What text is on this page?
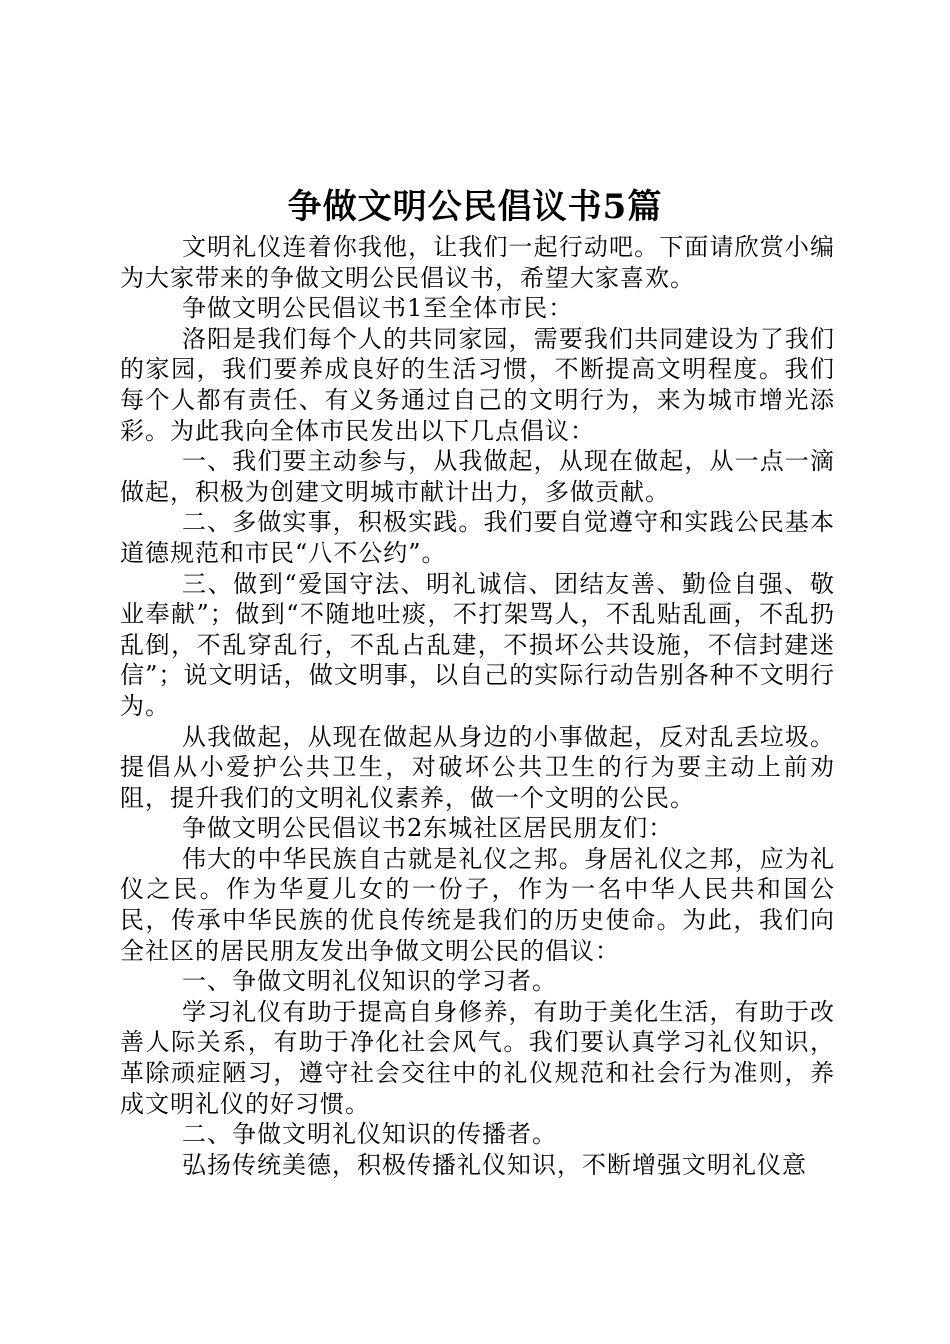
争做文明公民倡议书5篇

文明礼仪连着你我他，让我们一起行动吧。下面请欣赏小编为大家带来的争做文明公民倡议书，希望大家喜欢。

争做文明公民倡议书1至全体市民：

洛阳是我们每个人的共同家园，需要我们共同建设为了我们的家园，我们要养成良好的生活习惯，不断提高文明程度。我们每个人都有责任、有义务通过自己的文明行为，来为城市增光添彩。为此我向全体市民发出以下几点倡议：

一、我们要主动参与，从我做起，从现在做起，从一点一滴做起，积极为创建文明城市献计出力，多做贡献。

二、多做实事，积极实践。我们要自觉遵守和实践公民基本道德规范和市民“八不公约”。

三、做到“爱国守法、明礼诚信、团结友善、勤俭自强、敬业奉献”；做到“不随地吐痰，不打架骂人，不乱贴乱画，不乱扔乱倒，不乱穿乱行，不乱占乱建，不损坏公共设施，不信封建迷信”；说文明话，做文明事，以自己的实际行动告别各种不文明行为。

从我做起，从现在做起从身边的小事做起，反对乱丢垃圾。提倡从小爱护公共卫生，对破坏公共卫生的行为要主动上前劝阻，提升我们的文明礼仪素养，做一个文明的公民。

争做文明公民倡议书2东城社区居民朋友们：

伟大的中华民族自古就是礼仪之邦。身居礼仪之邦，应为礼仪之民。作为华夏儿女的一份子，作为一名中华人民共和国公民，传承中华民族的优良传统是我们的历史使命。为此，我们向全社区的居民朋友发出争做文明公民的倡议：

一、争做文明礼仪知识的学习者。

学习礼仪有助于提高自身修养，有助于美化生活，有助于改善人际关系，有助于净化社会风气。我们要认真学习礼仪知识，革除顽症陋习，遵守社会交往中的礼仪规范和社会行为准则，养成文明礼仪的好习惯。

二、争做文明礼仪知识的传播者。

弘扬传统美德，积极传播礼仪知识，不断增强文明礼仪意
